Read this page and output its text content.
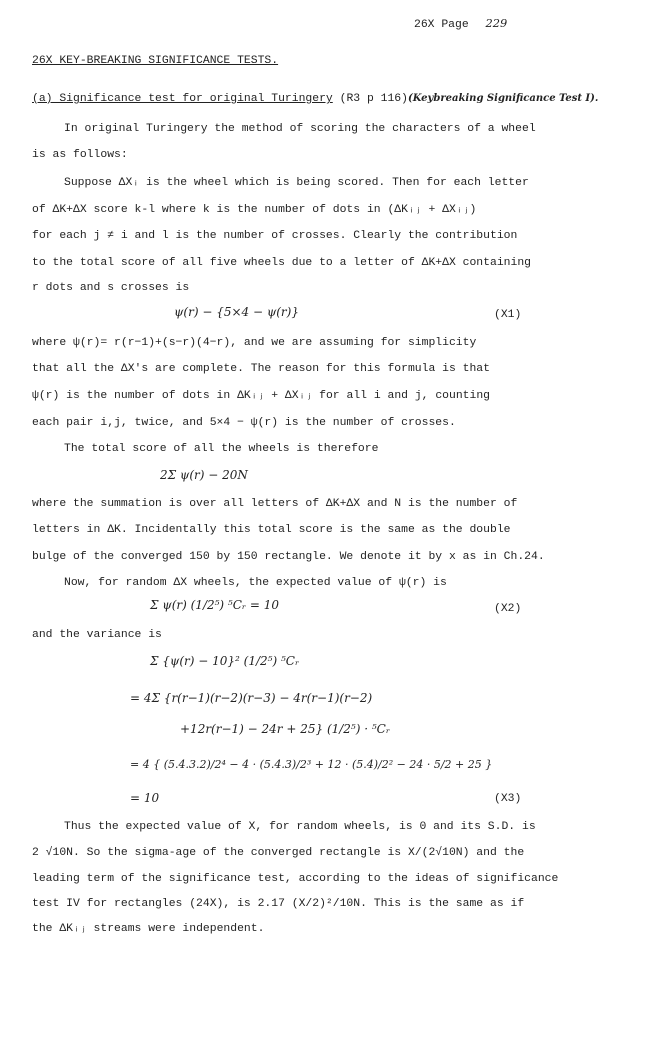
26X Page 229
26X KEY-BREAKING SIGNIFICANCE TESTS.
(a) Significance test for original Turingery (R3 p 116)(Keybreaking Significance Test I).
In original Turingery the method of scoring the characters of a wheel
is as follows:
Suppose ΔXᵢ is the wheel which is being scored. Then for each letter
of ΔK+ΔX score k-l where k is the number of dots in (ΔKᵢⱼ + ΔXᵢⱼ)
for each j ≠ i and l is the number of crosses. Clearly the contribution
to the total score of all five wheels due to a letter of ΔK+ΔX containing
r dots and s crosses is
ψ(r) − {5×4 − ψ(r)}	(X1)
where ψ(r)= r(r−1)+(s−r)(4−r), and we are assuming for simplicity
that all the ΔX's are complete. The reason for this formula is that
ψ(r) is the number of dots in ΔKᵢⱼ + ΔXᵢⱼ for all i and j, counting
each pair i,j, twice, and 5×4 − ψ(r) is the number of crosses.
The total score of all the wheels is therefore
2Σ ψ(r) − 20N
where the summation is over all letters of ΔK+ΔX and N is the number of
letters in ΔK. Incidentally this total score is the same as the double
bulge of the converged 150 by 150 rectangle. We denote it by x as in Ch.24.
Now, for random ΔX wheels, the expected value of ψ(r) is
Σ ψ(r) (1/2⁵) ⁵Cᵣ = 10	(X2)
and the variance is
Σ {ψ(r) − 10}² (1/2⁵) ⁵Cᵣ
= 4Σ {r(r−1)(r−2)(r−3) − 4r(r−1)(r−2)
+12r(r−1) − 24r + 25} (1/2⁵) · ⁵Cᵣ
= 4 { (5.4.3.2)/2⁴ − 4 · (5.4.3)/2³ + 12 · (5.4)/2² − 24 · 5/2 + 25 }
= 10	(X3)
Thus the expected value of X, for random wheels, is 0 and its S.D. is
2 √10N. So the sigma-age of the converged rectangle is X/(2√10N) and the
leading term of the significance test, according to the ideas of significance
test IV for rectangles (24X), is 2.17 (X/2)²/10N. This is the same as if
the ΔKᵢⱼ streams were independent.
